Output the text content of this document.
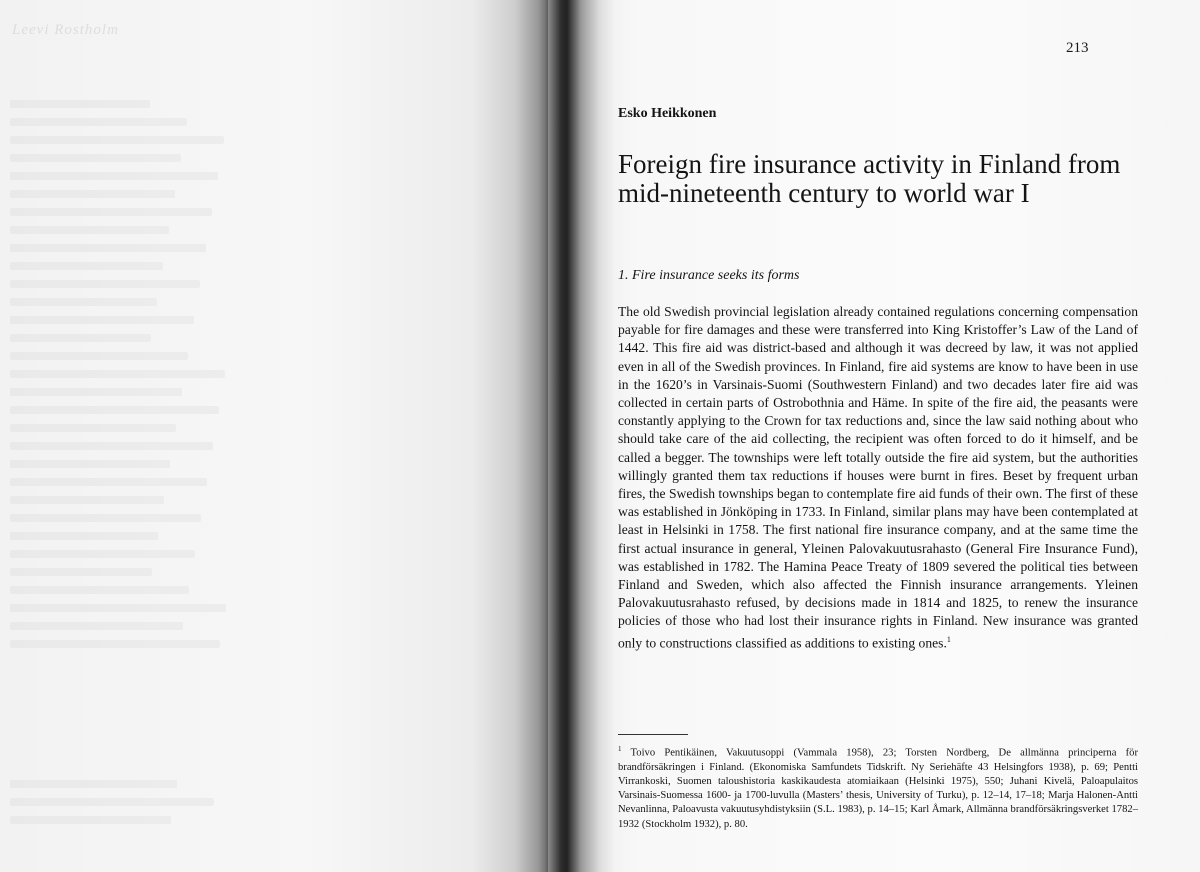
Leevi Rostholm
213

Esko Heikkonen

Foreign fire insurance activity in Finland from mid-nineteenth century to world war I

1. Fire insurance seeks its forms

The old Swedish provincial legislation already contained regulations concerning compensation payable for fire damages and these were transferred into King Kristoffer’s Law of the Land of 1442. This fire aid was district-based and although it was decreed by law, it was not applied even in all of the Swedish provinces. In Finland, fire aid systems are know to have been in use in the 1620’s in Varsinais-Suomi (Southwestern Finland) and two decades later fire aid was collected in certain parts of Ostrobothnia and Häme. In spite of the fire aid, the peasants were constantly applying to the Crown for tax reductions and, since the law said nothing about who should take care of the aid collecting, the recipient was often forced to do it himself, and be called a begger. The townships were left totally outside the fire aid system, but the authorities willingly granted them tax reductions if houses were burnt in fires. Beset by frequent urban fires, the Swedish townships began to contemplate fire aid funds of their own. The first of these was established in Jönköping in 1733. In Finland, similar plans may have been contemplated at least in Helsinki in 1758. The first national fire insurance company, and at the same time the first actual insurance in general, Yleinen Palovakuutusrahasto (General Fire Insurance Fund), was established in 1782. The Hamina Peace Treaty of 1809 severed the political ties between Finland and Sweden, which also affected the Finnish insurance arrangements. Yleinen Palovakuutusrahasto refused, by decisions made in 1814 and 1825, to renew the insurance policies of those who had lost their insurance rights in Finland. New insurance was granted only to constructions classified as additions to existing ones.$^1$

$^1$ Toivo Pentikäinen, Vakuutusoppi (Vammala 1958), 23; Torsten Nordberg, De allmänna principerna för brandförsäkringen i Finland. (Ekonomiska Samfundets Tidskrift. Ny Seriehäfte 43 Helsingfors 1938), p. 69; Pentti Virrankoski, Suomen taloushistoria kaskikaudesta atomiaikaan (Helsinki 1975), 550; Juhani Kivelä, Paloapulaitos Varsinais-Suomessa 1600- ja 1700-luvulla (Masters’ thesis, University of Turku), p. 12–14, 17–18; Marja Halonen-Antti Nevanlinna, Paloavusta vakuutusyhdistyksiin (S.L. 1983), p. 14–15; Karl Åmark, Allmänna brandförsäkringsverket 1782– 1932 (Stockholm 1932), p. 80.
